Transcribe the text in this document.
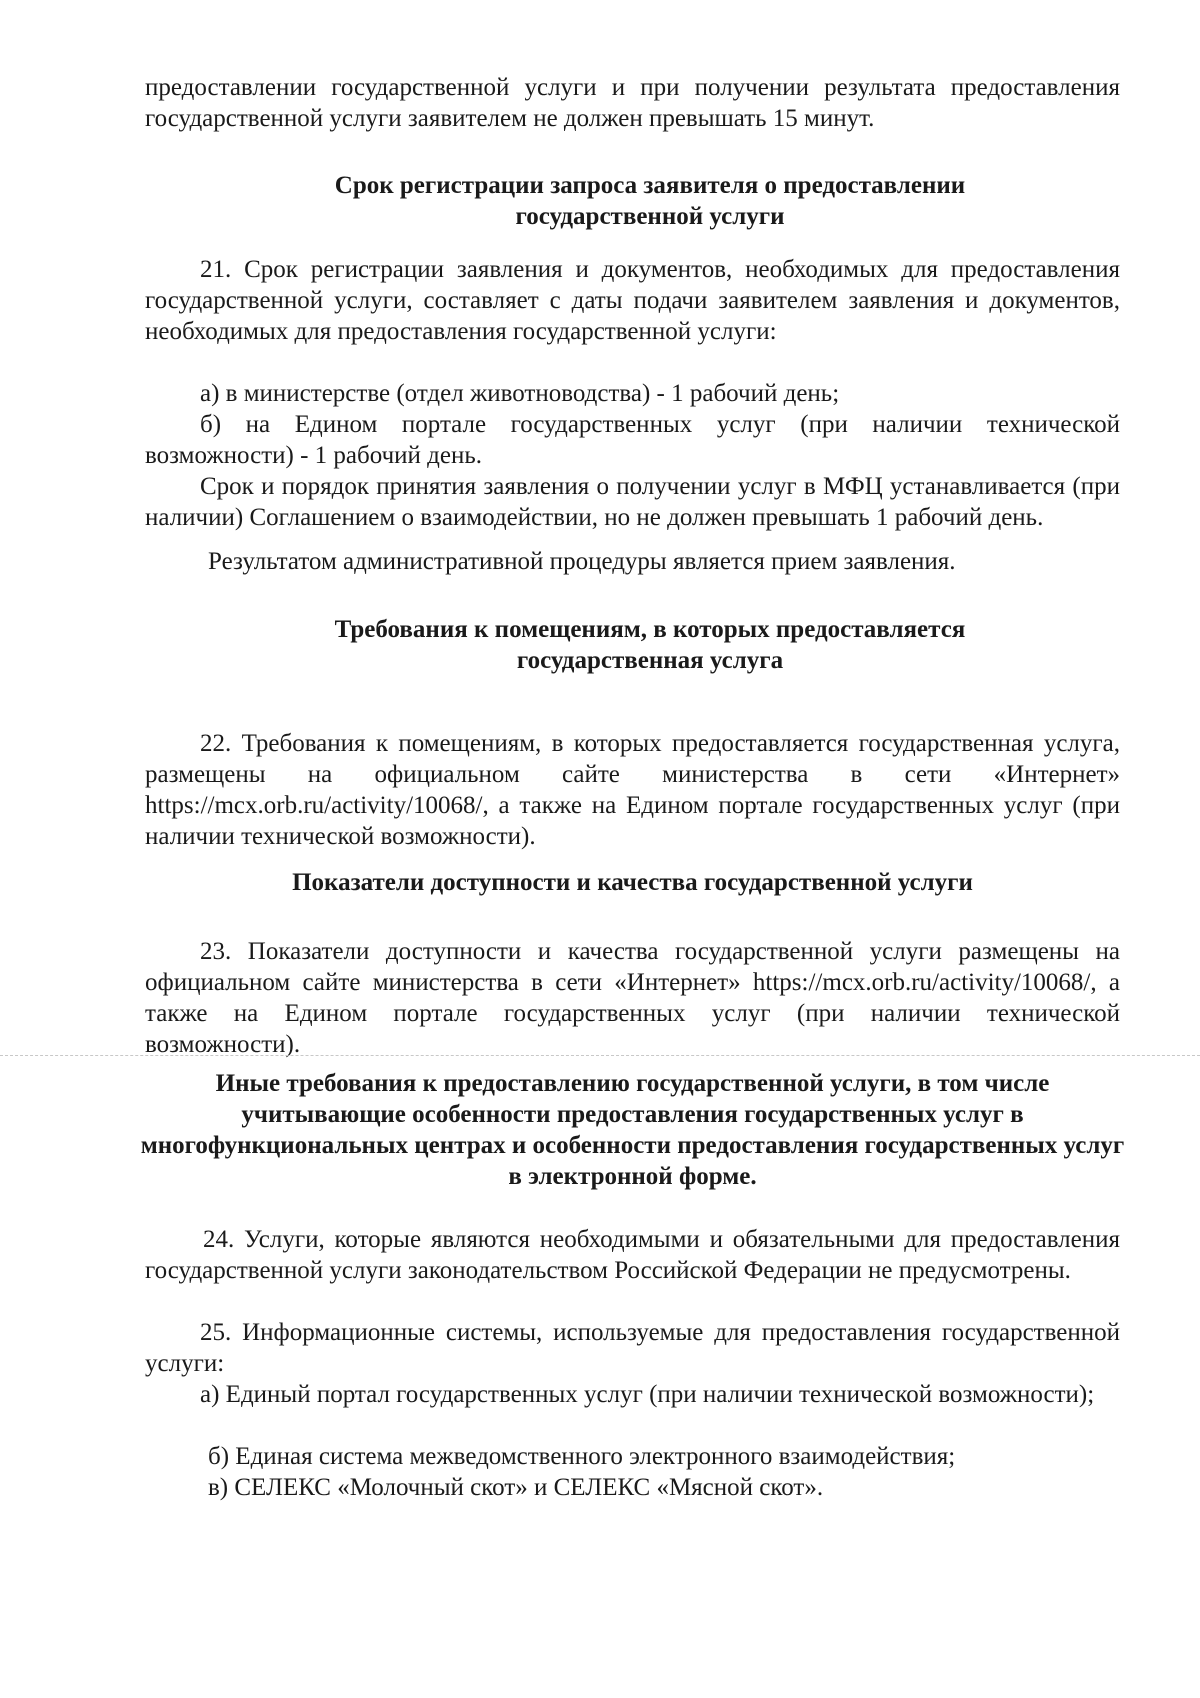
предоставлении государственной услуги и при получении результата предоставления государственной услуги заявителем не должен превышать 15 минут.

Срок регистрации запроса заявителя о предоставлении государственной услуги

21. Срок регистрации заявления и документов, необходимых для предоставления государственной услуги, составляет с даты подачи заявителем заявления и документов, необходимых для предоставления государственной услуги:

а) в министерстве (отдел животноводства) - 1 рабочий день;

б) на Едином портале государственных услуг (при наличии технической возможности) - 1 рабочий день.

Срок и порядок принятия заявления о получении услуг в МФЦ устанавливается (при наличии) Соглашением о взаимодействии, но не должен превышать 1 рабочий день.

Результатом административной процедуры является прием заявления.

Требования к помещениям, в которых предоставляется государственная услуга

22. Требования к помещениям, в которых предоставляется государственная услуга, размещены на официальном сайте министерства в сети «Интернет» https://mcx.orb.ru/activity/10068/, а также на Едином портале государственных услуг (при наличии технической возможности).

Показатели доступности и качества государственной услуги

23. Показатели доступности и качества государственной услуги размещены на официальном сайте министерства в сети «Интернет» https://mcx.orb.ru/activity/10068/, а также на Едином портале государственных услуг (при наличии технической возможности).

Иные требования к предоставлению государственной услуги, в том числе учитывающие особенности предоставления государственных услуг в многофункциональных центрах и особенности предоставления государственных услуг в электронной форме.

24. Услуги, которые являются необходимыми и обязательными для предоставления государственной услуги законодательством Российской Федерации не предусмотрены.

25. Информационные системы, используемые для предоставления государственной услуги:

а) Единый портал государственных услуг (при наличии технической возможности);

б) Единая система межведомственного электронного взаимодействия;

в) СЕЛЕКС «Молочный скот» и СЕЛЕКС «Мясной скот».
